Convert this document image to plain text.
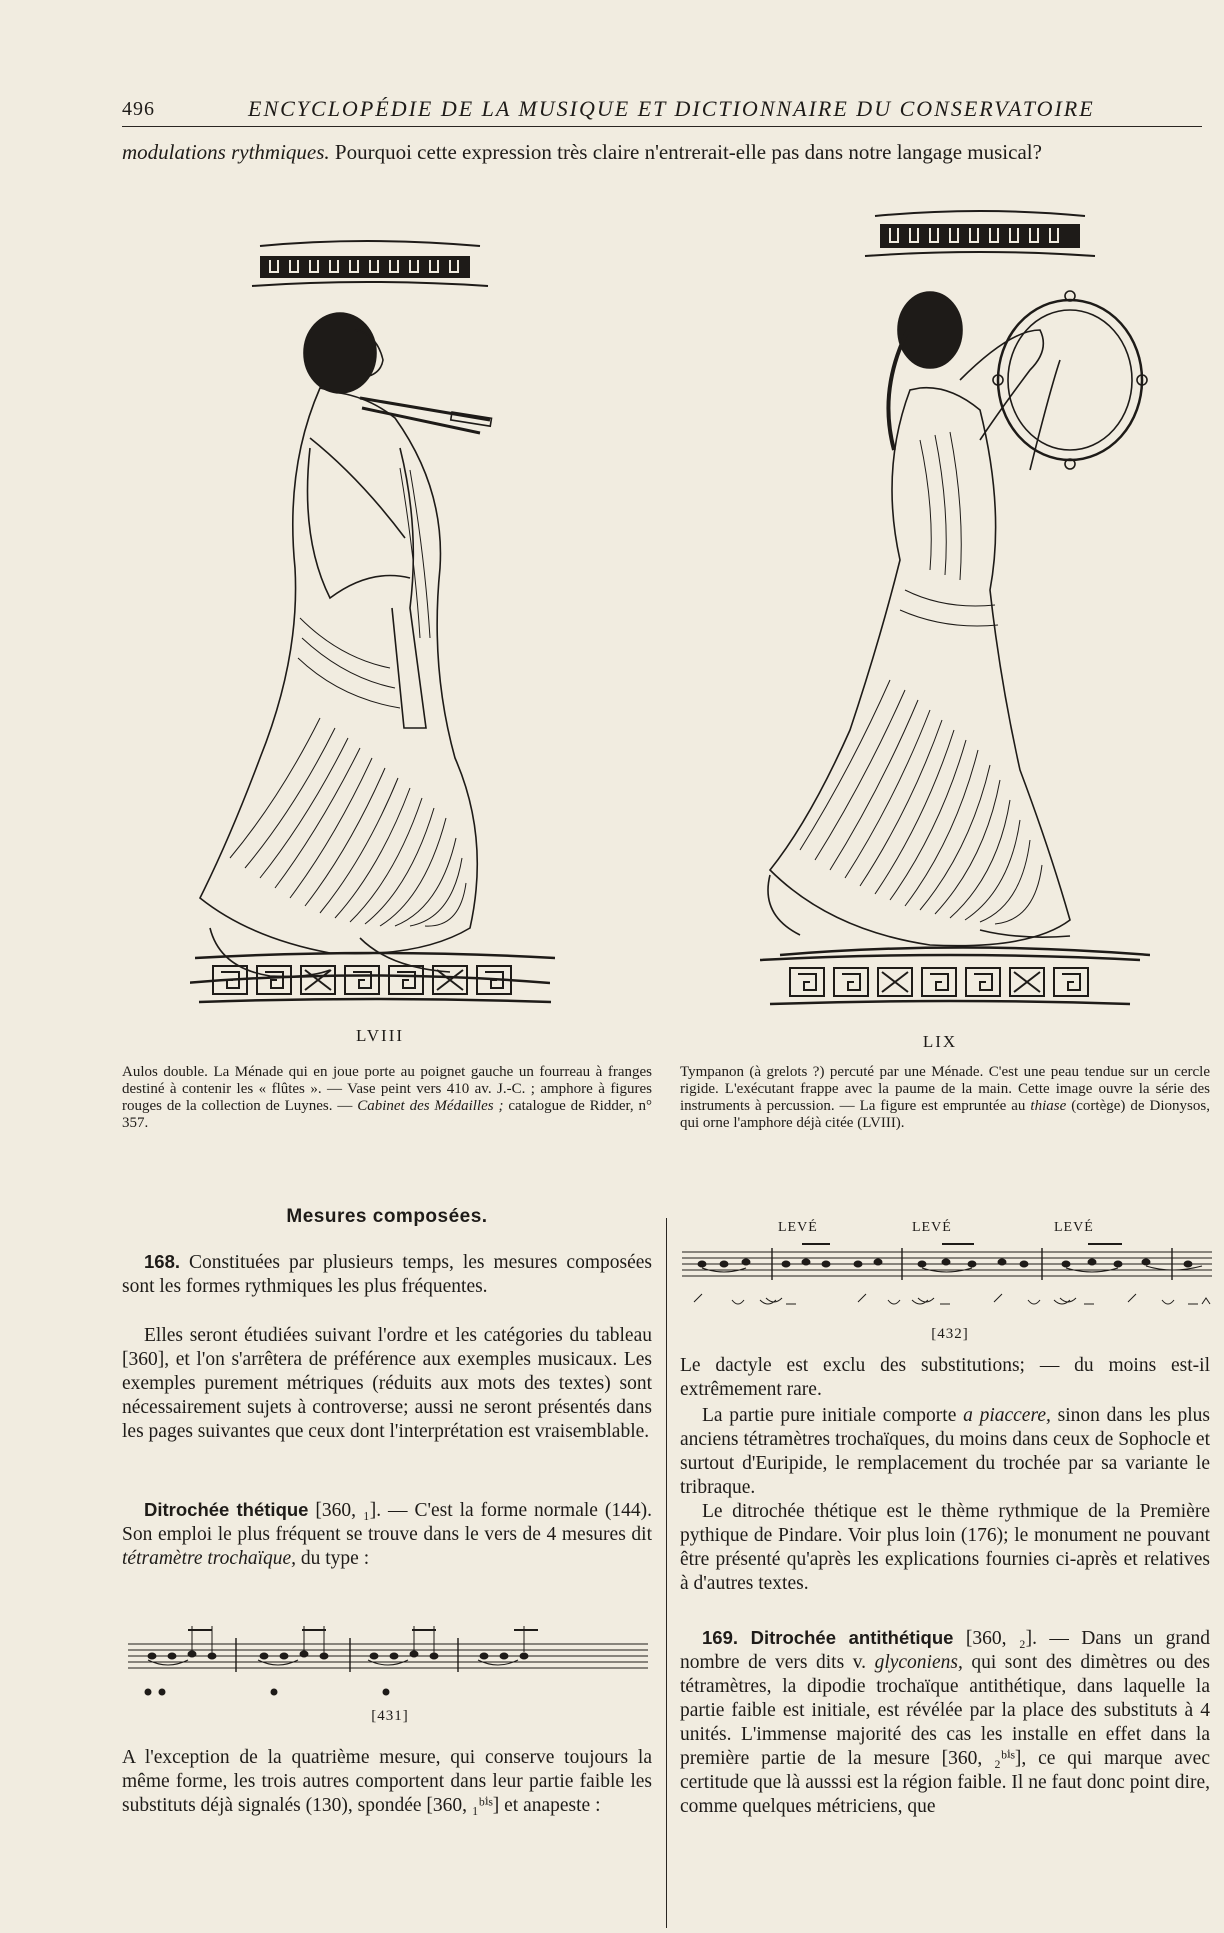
496	ENCYCLOPÉDIE DE LA MUSIQUE ET DICTIONNAIRE DU CONSERVATOIRE
modulations rythmiques. Pourquoi cette expression très claire n'entrerait-elle pas dans notre langage musical?
LVIII
Aulos double. La Ménade qui en joue porte au poignet gauche un fourreau à franges destiné à contenir les « flûtes ». — Vase peint vers 410 av. J.-C. ; amphore à figures rouges de la collection de Luynes. — Cabinet des Médailles ; catalogue de Ridder, n° 357.
LIX
Tympanon (à grelots ?) percuté par une Ménade. C'est une peau tendue sur un cercle rigide. L'exécutant frappe avec la paume de la main. Cette image ouvre la série des instruments à percussion. — La figure est empruntée au thiase (cortège) de Dionysos, qui orne l'amphore déjà citée (LVIII).
Mesures composées.

168. Constituées par plusieurs temps, les mesures composées sont les formes rythmiques les plus fréquentes.

Elles seront étudiées suivant l'ordre et les catégories du tableau [360], et l'on s'arrêtera de préférence aux exemples musicaux. Les exemples purement métriques (réduits aux mots des textes) sont nécessairement sujets à controverse; aussi ne seront présentés dans les pages suivantes que ceux dont l'interprétation est vraisemblable.

Ditrochée thétique [360, ₁]. — C'est la forme normale (144). Son emploi le plus fréquent se trouve dans le vers de 4 mesures dit tétramètre trochaïque, du type :

[431]

A l'exception de la quatrième mesure, qui conserve toujours la même forme, les trois autres comportent dans leur partie faible les substituts déjà signalés (130), spondée [360, ₁ᵇⁱˢ] et anapeste :

LEVÉ	LEVÉ	LEVÉ
[432]

Le dactyle est exclu des substitutions; — du moins est-il extrêmement rare.

La partie pure initiale comporte a piaccere, sinon dans les plus anciens tétramètres trochaïques, du moins dans ceux de Sophocle et surtout d'Euripide, le remplacement du trochée par sa variante le tribraque.

Le ditrochée thétique est le thème rythmique de la Première pythique de Pindare. Voir plus loin (176); le monument ne pouvant être présenté qu'après les explications fournies ci-après et relatives à d'autres textes.

169. Ditrochée antithétique [360, ₂]. — Dans un grand nombre de vers dits v. glyconiens, qui sont des dimètres ou des tétramètres, la dipodie trochaïque antithétique, dans laquelle la partie faible est initiale, est révélée par la place des substituts à 4 unités. L'immense majorité des cas les installe en effet dans la première partie de la mesure [360, ₂ᵇⁱˢ], ce qui marque avec certitude que là ausssi est la région faible. Il ne faut donc point dire, comme quelques métriciens, que
